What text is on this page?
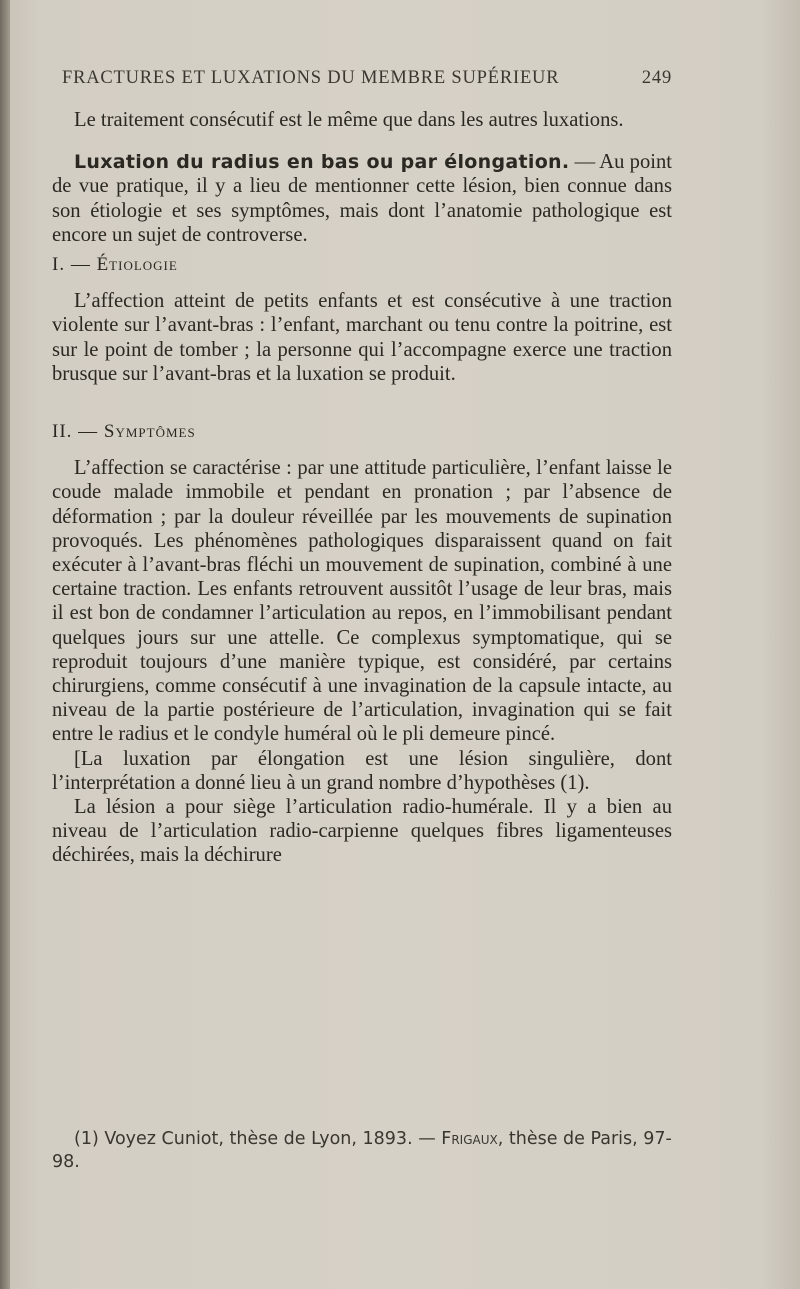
FRACTURES ET LUXATIONS DU MEMBRE SUPÉRIEUR	249

Le traitement consécutif est le même que dans les autres luxations.

Luxation du radius en bas ou par élongation. — Au point de vue pratique, il y a lieu de mentionner cette lésion, bien connue dans son étiologie et ses symptômes, mais dont l’anatomie pathologique est encore un sujet de controverse.

I. — Étiologie

L’affection atteint de petits enfants et est consécutive à une traction violente sur l’avant-bras : l’enfant, marchant ou tenu contre la poitrine, est sur le point de tomber ; la personne qui l’accompagne exerce une traction brusque sur l’avant-bras et la luxation se produit.

II. — Symptômes

L’affection se caractérise : par une attitude particulière, l’enfant laisse le coude malade immobile et pendant en pronation ; par l’absence de déformation ; par la douleur réveillée par les mouvements de supination provoqués. Les phénomènes pathologiques disparaissent quand on fait exécuter à l’avant-bras fléchi un mouvement de supination, combiné à une certaine traction. Les enfants retrouvent aussitôt l’usage de leur bras, mais il est bon de condamner l’articulation au repos, en l’immobilisant pendant quelques jours sur une attelle. Ce complexus symptomatique, qui se reproduit toujours d’une manière typique, est considéré, par certains chirurgiens, comme consécutif à une invagination de la capsule intacte, au niveau de la partie postérieure de l’articulation, invagination qui se fait entre le radius et le condyle huméral où le pli demeure pincé.

[La luxation par élongation est une lésion singulière, dont l’interprétation a donné lieu à un grand nombre d’hypothèses (1).

La lésion a pour siège l’articulation radio-humérale. Il y a bien au niveau de l’articulation radio-carpienne quelques fibres ligamenteuses déchirées, mais la déchirure

(1) Voyez Cuniot, thèse de Lyon, 1893. — Frigaux, thèse de Paris, 97-98.
